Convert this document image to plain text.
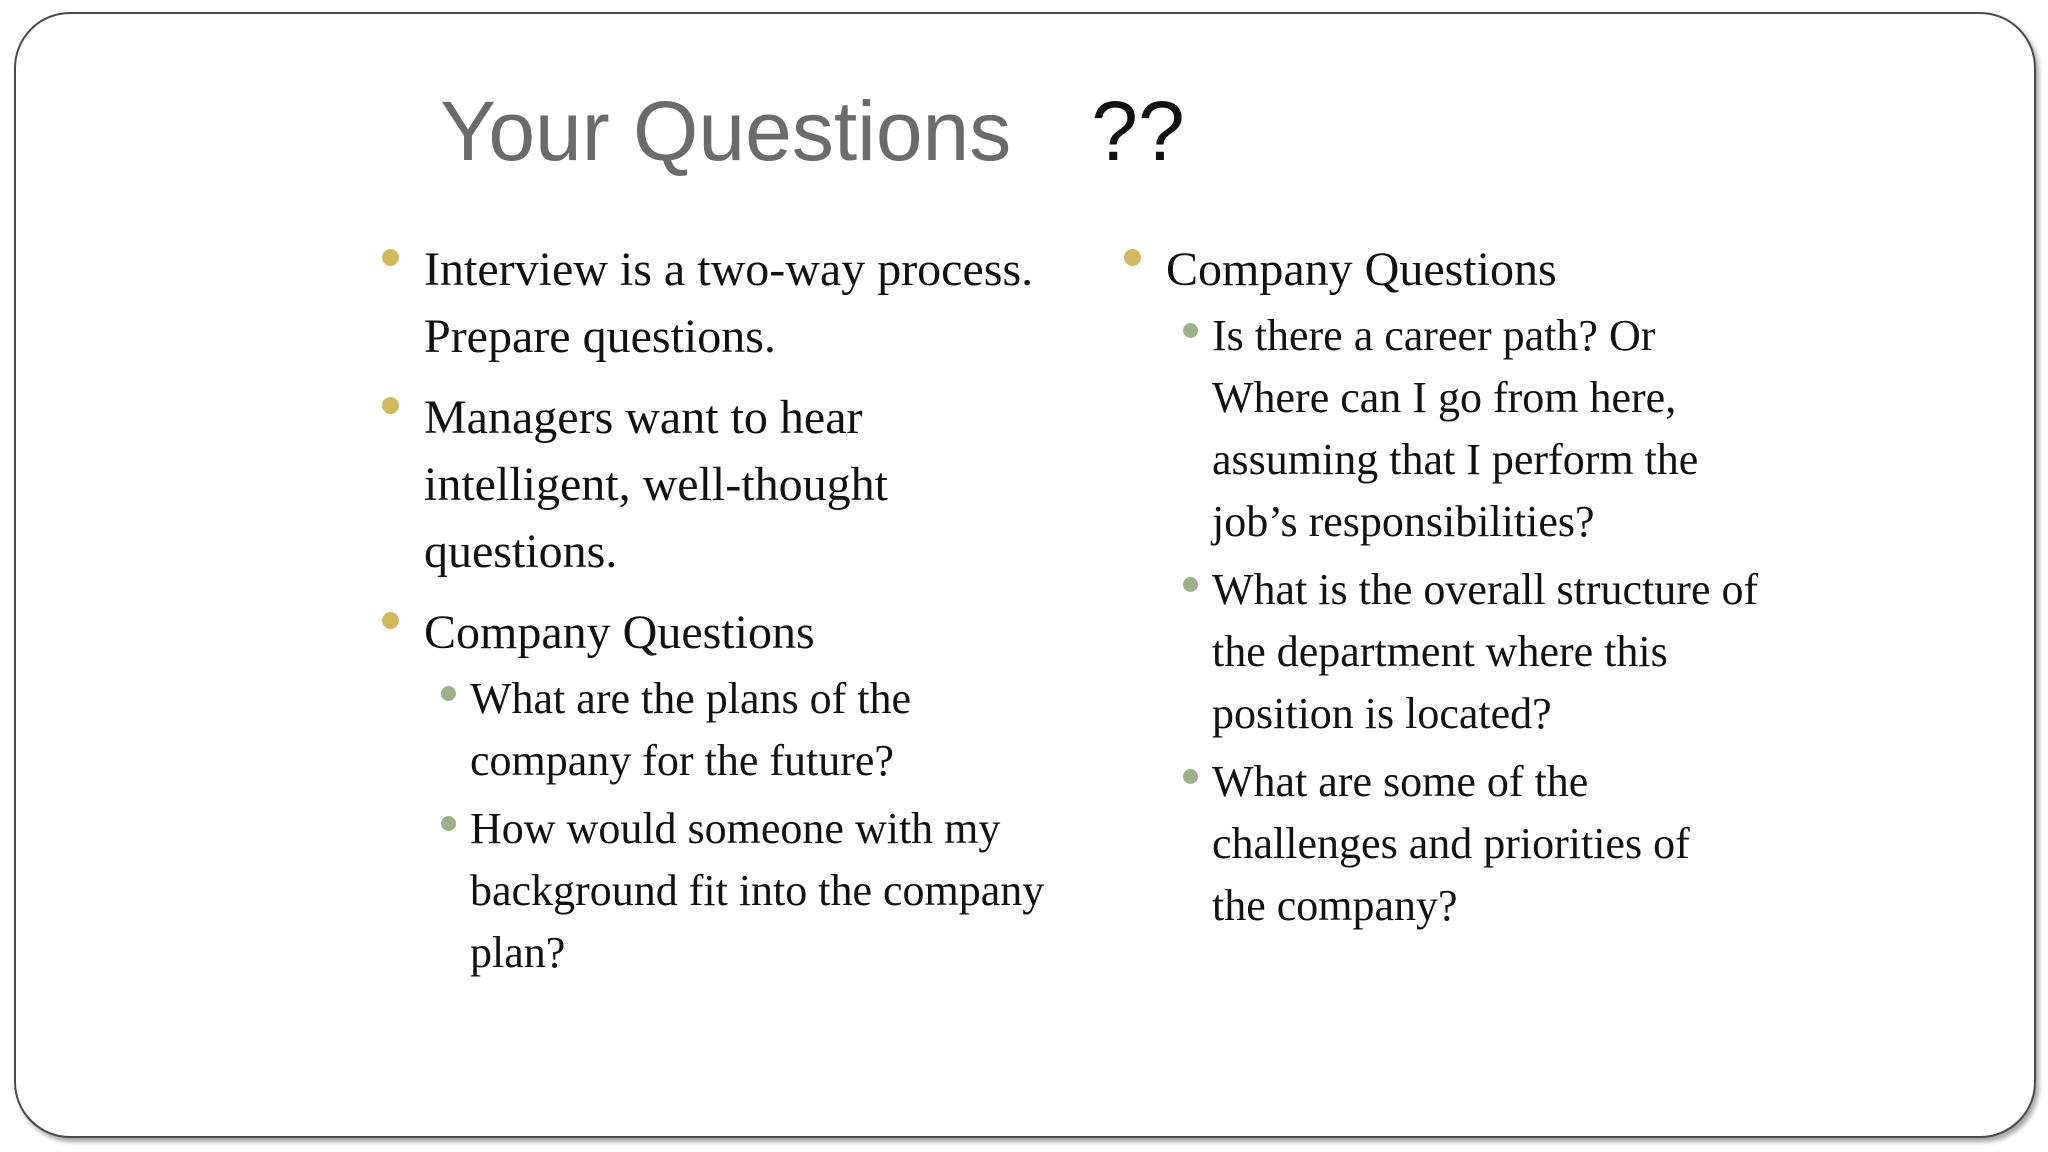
Your Questions ??
Interview is a two-way process. Prepare questions.
Managers want to hear intelligent, well-thought questions.
Company Questions
What are the plans of the company for the future?
How would someone with my background fit into the company plan?
Company Questions
Is there a career path? Or Where can I go from here, assuming that I perform the job’s responsibilities?
What is the overall structure of the department where this position is located?
What are some of the challenges and priorities of the company?
